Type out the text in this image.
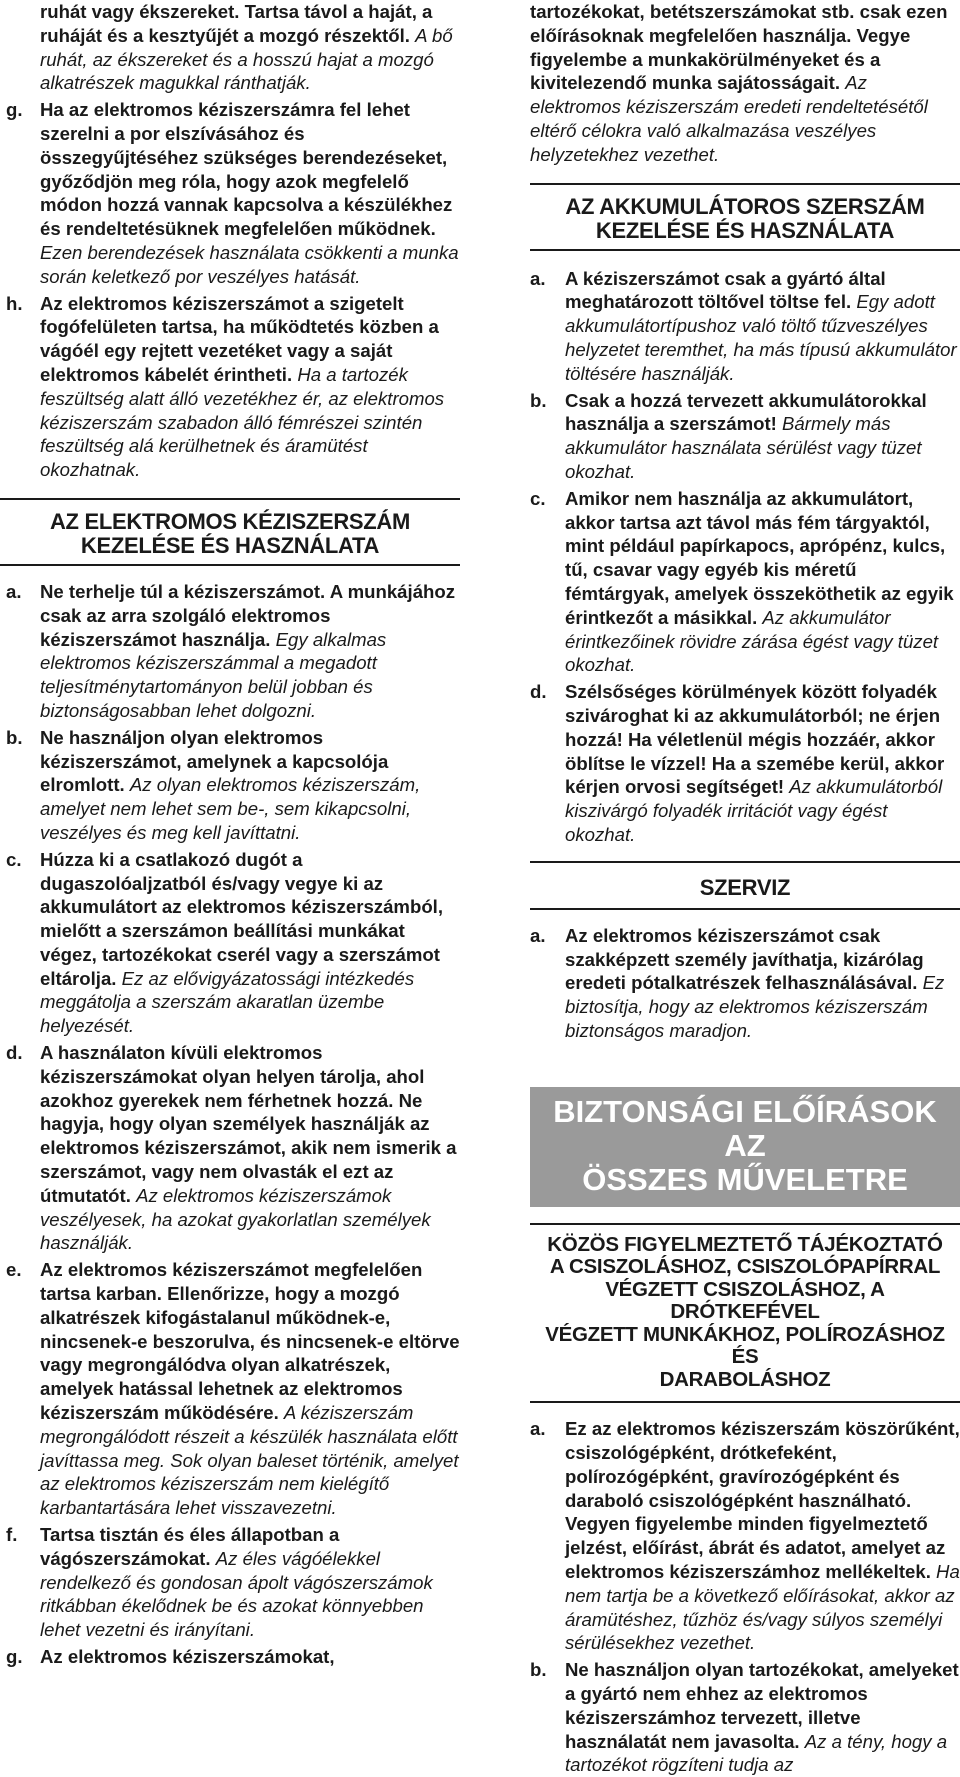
ruhát vagy ékszereket. Tartsa távol a haját, a ruháját és a kesztyűjét a mozgó részektől. A bő ruhát, az ékszereket és a hosszú hajat a mozgó alkatrészek magukkal ránthatják.

g. Ha az elektromos kéziszerszámra fel lehet szerelni a por elszívásához és összegyűjtéséhez szükséges berendezéseket, győződjön meg róla, hogy azok megfelelő módon hozzá vannak kapcsolva a készülékhez és rendeltetésüknek megfelelően működnek. Ezen berendezések használata csökkenti a munka során keletkező por veszélyes hatását.
h. Az elektromos kéziszerszámot a szigetelt fogófelületen tartsa, ha működtetés közben a vágóél egy rejtett vezetéket vagy a saját elektromos kábelét érintheti. Ha a tartozék feszültség alatt álló vezetékhez ér, az elektromos kéziszerszám szabadon álló fémrészei szintén feszültség alá kerülhetnek és áramütést okozhatnak.
AZ ELEKTROMOS KÉZISZERSZÁM
KEZELÉSE ÉS HASZNÁLATA
a. Ne terhelje túl a kéziszerszámot. A munkájához csak az arra szolgáló elektromos kéziszerszámot használja. Egy alkalmas elektromos kéziszerszámmal a megadott teljesítménytartományon belül jobban és biztonságosabban lehet dolgozni.
b. Ne használjon olyan elektromos kéziszerszámot, amelynek a kapcsolója elromlott. Az olyan elektromos kéziszerszám, amelyet nem lehet sem be-, sem kikapcsolni, veszélyes és meg kell javíttatni.
c. Húzza ki a csatlakozó dugót a dugaszolóaljzatból és/vagy vegye ki az akkumulátort az elektromos kéziszerszámból, mielőtt a szerszámon beállítási munkákat végez, tartozékokat cserél vagy a szerszámot eltárolja. Ez az elővigyázatossági intézkedés meggátolja a szerszám akaratlan üzembe helyezését.
d. A használaton kívüli elektromos kéziszerszámokat olyan helyen tárolja, ahol azokhoz gyerekek nem férhetnek hozzá. Ne hagyja, hogy olyan személyek használják az elektromos kéziszerszámot, akik nem ismerik a szerszámot, vagy nem olvasták el ezt az útmutatót. Az elektromos kéziszerszámok veszélyesek, ha azokat gyakorlatlan személyek használják.
e. Az elektromos kéziszerszámot megfelelően tartsa karban. Ellenőrizze, hogy a mozgó alkatrészek kifogástalanul működnek-e, nincsenek-e beszorulva, és nincsenek-e eltörve vagy megrongálódva olyan alkatrészek, amelyek hatással lehetnek az elektromos kéziszerszám működésére. A kéziszerszám megrongálódott részeit a készülék használata előtt javíttassa meg. Sok olyan baleset történik, amelyet az elektromos kéziszerszám nem kielégítő karbantartására lehet visszavezetni.
f. Tartsa tisztán és éles állapotban a vágószerszámokat. Az éles vágóélekkel rendelkező és gondosan ápolt vágószerszámok ritkábban ékelődnek be és azokat könnyebben lehet vezetni és irányítani.
g. Az elektromos kéziszerszámokat,

tartozékokat, betétszerszámokat stb. csak ezen előírásoknak megfelelően használja. Vegye figyelembe a munkakörülményeket és a kivitelezendő munka sajátosságait. Az elektromos kéziszerszám eredeti rendeltetésétől eltérő célokra való alkalmazása veszélyes helyzetekhez vezethet.

AZ AKKUMULÁTOROS SZERSZÁM
KEZELÉSE ÉS HASZNÁLATA
a. A kéziszerszámot csak a gyártó által meghatározott töltővel töltse fel. Egy adott akkumulátortípushoz való töltő tűzveszélyes helyzetet teremthet, ha más típusú akkumulátor töltésére használják.
b. Csak a hozzá tervezett akkumulátorokkal használja a szerszámot! Bármely más akkumulátor használata sérülést vagy tüzet okozhat.
c. Amikor nem használja az akkumulátort, akkor tartsa azt távol más fém tárgyaktól, mint például papírkapocs, aprópénz, kulcs, tű, csavar vagy egyéb kis méretű fémtárgyak, amelyek összeköthetik az egyik érintkezőt a másikkal. Az akkumulátor érintkezőinek rövidre zárása égést vagy tüzet okozhat.
d. Szélsőséges körülmények között folyadék szivároghat ki az akkumulátorból; ne érjen hozzá! Ha véletlenül mégis hozzáér, akkor öblítse le vízzel! Ha a szemébe kerül, akkor kérjen orvosi segítséget! Az akkumulátorból kiszivárgó folyadék irritációt vagy égést okozhat.
SZERVIZ
a. Az elektromos kéziszerszámot csak szakképzett személy javíthatja, kizárólag eredeti pótalkatrészek felhasználásával. Ez biztosítja, hogy az elektromos kéziszerszám biztonságos maradjon.
BIZTONSÁGI ELŐÍRÁSOK AZ
ÖSSZES MŰVELETRE
KÖZÖS FIGYELMEZTETŐ TÁJÉKOZTATÓ
A CSISZOLÁSHOZ, CSISZOLÓPAPÍRRAL
VÉGZETT CSISZOLÁSHOZ, A DRÓTKEFÉVEL
VÉGZETT MUNKÁKHOZ, POLÍROZÁSHOZ ÉS
DARABOLÁSHOZ
a. Ez az elektromos kéziszerszám köszörűként, csiszológépként, drótkefeként, polírozógépként, gravírozógépként és daraboló csiszológépként használható. Vegyen figyelembe minden figyelmeztető jelzést, előírást, ábrát és adatot, amelyet az elektromos kéziszerszámhoz mellékeltek. Ha nem tartja be a következő előírásokat, akkor az áramütéshez, tűzhöz és/vagy súlyos személyi sérülésekhez vezethet.
b. Ne használjon olyan tartozékokat, amelyeket a gyártó nem ehhez az elektromos kéziszerszámhoz tervezett, illetve használatát nem javasolta. Az a tény, hogy a tartozékot rögzíteni tudja az
